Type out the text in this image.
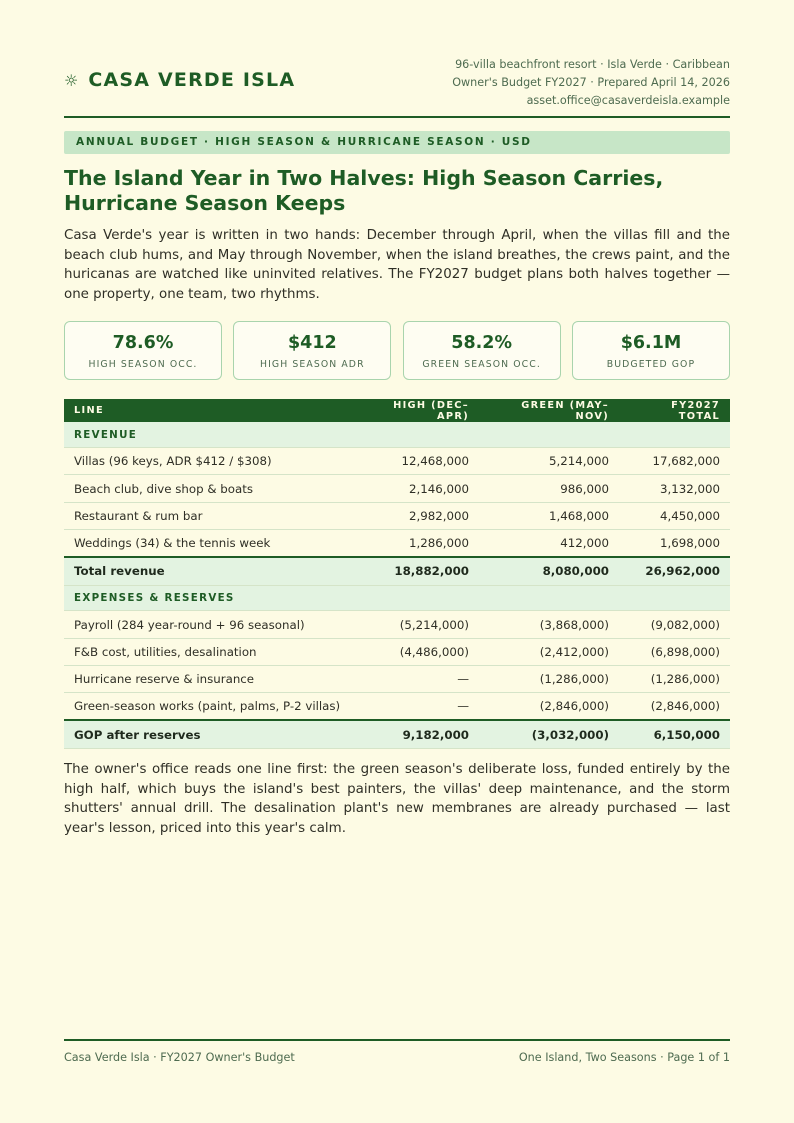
☼ CASA VERDE ISLA
96-villa beachfront resort · Isla Verde · Caribbean
Owner's Budget FY2027 · Prepared April 14, 2026
asset.office@casaverdeisla.example
ANNUAL BUDGET · HIGH SEASON & HURRICANE SEASON · USD
The Island Year in Two Halves: High Season Carries, Hurricane Season Keeps

Casa Verde's year is written in two hands: December through April, when the villas fill and the beach club hums, and May through November, when the island breathes, the crews paint, and the huricanas are watched like uninvited relatives. The FY2027 budget plans both halves together — one property, one team, two rhythms.

78.6%
HIGH SEASON OCC.
$412
HIGH SEASON ADR
58.2%
GREEN SEASON OCC.
$6.1M
BUDGETED GOP
LINE	HIGH (DEC–APR)	GREEN (MAY–NOV)	FY2027 TOTAL
REVENUE			
Villas (96 keys, ADR $412 / $308)	12,468,000	5,214,000	17,682,000
Beach club, dive shop & boats	2,146,000	986,000	3,132,000
Restaurant & rum bar	2,982,000	1,468,000	4,450,000
Weddings (34) & the tennis week	1,286,000	412,000	1,698,000
Total revenue	18,882,000	8,080,000	26,962,000
EXPENSES & RESERVES			
Payroll (284 year-round + 96 seasonal)	(5,214,000)	(3,868,000)	(9,082,000)
F&B cost, utilities, desalination	(4,486,000)	(2,412,000)	(6,898,000)
Hurricane reserve & insurance	—	(1,286,000)	(1,286,000)
Green-season works (paint, palms, P-2 villas)	—	(2,846,000)	(2,846,000)
GOP after reserves	9,182,000	(3,032,000)	6,150,000

The owner's office reads one line first: the green season's deliberate loss, funded entirely by the high half, which buys the island's best painters, the villas' deep maintenance, and the storm shutters' annual drill. The desalination plant's new membranes are already purchased — last year's lesson, priced into this year's calm.

Casa Verde Isla · FY2027 Owner's Budget	One Island, Two Seasons · Page 1 of 1
